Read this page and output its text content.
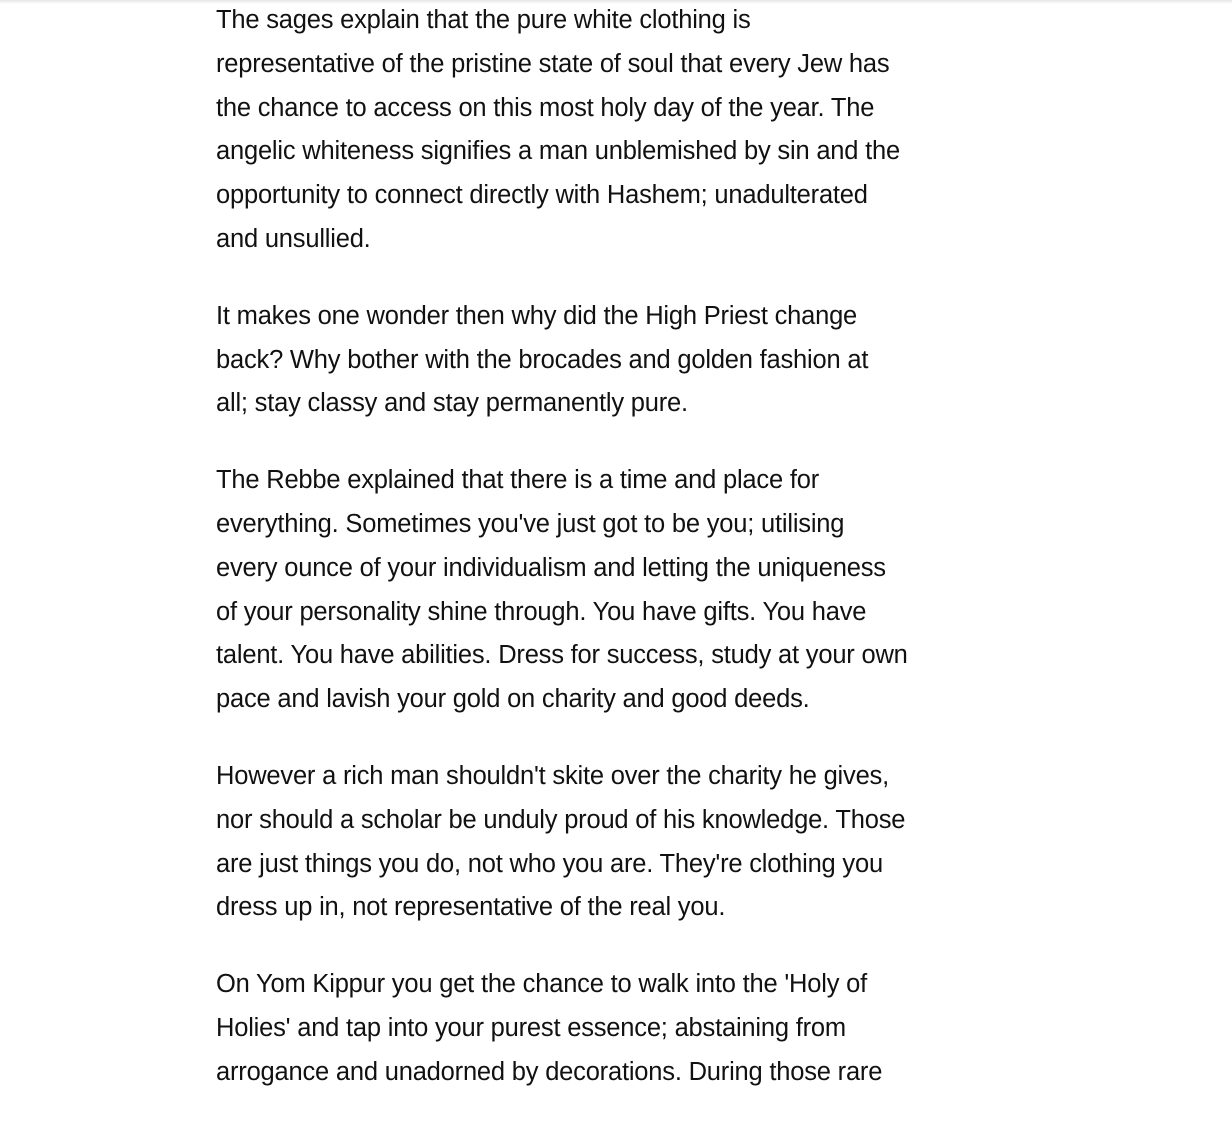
The sages explain that the pure white clothing is
representative of the pristine state of soul that every Jew has
the chance to access on this most holy day of the year. The
angelic whiteness signifies a man unblemished by sin and the
opportunity to connect directly with Hashem; unadulterated
and unsullied.

It makes one wonder then why did the High Priest change
back? Why bother with the brocades and golden fashion at
all; stay classy and stay permanently pure.

The Rebbe explained that there is a time and place for
everything. Sometimes you've just got to be you; utilising
every ounce of your individualism and letting the uniqueness
of your personality shine through. You have gifts. You have
talent. You have abilities. Dress for success, study at your own
pace and lavish your gold on charity and good deeds.

However a rich man shouldn't skite over the charity he gives,
nor should a scholar be unduly proud of his knowledge. Those
are just things you do, not who you are. They're clothing you
dress up in, not representative of the real you.

On Yom Kippur you get the chance to walk into the 'Holy of
Holies' and tap into your purest essence; abstaining from
arrogance and unadorned by decorations. During those rare
